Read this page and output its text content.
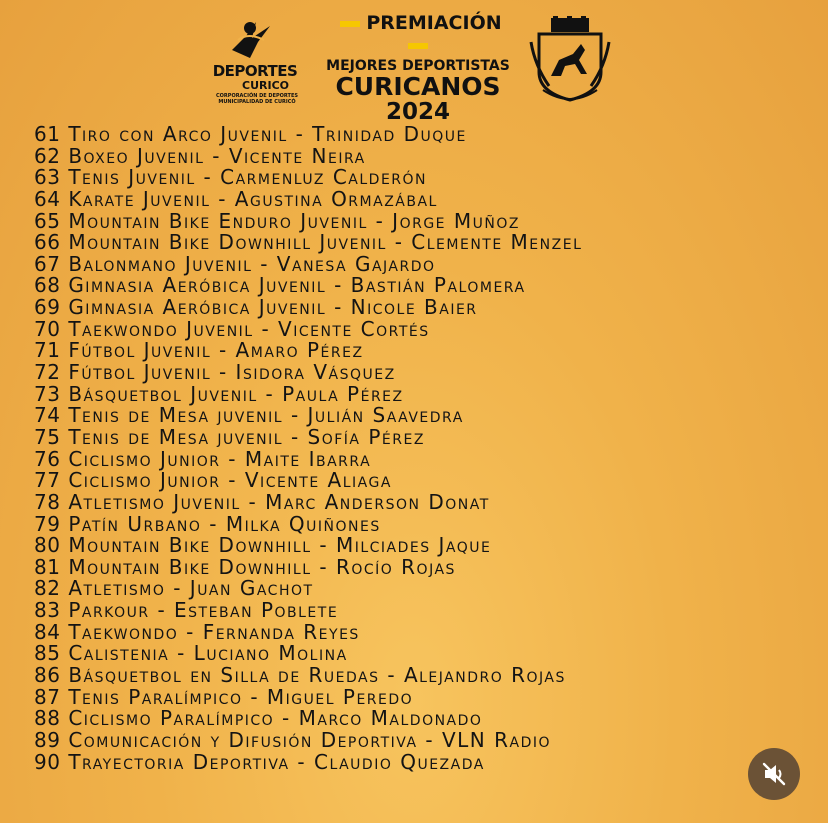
DEPORTES
CURICO
CORPORACIÓN DE DEPORTES MUNICIPALIDAD DE CURICÓ
PREMIACIÓN
MEJORES DEPORTISTAS
CURICANOS
2024
61 Tiro con Arco Juvenil - Trinidad Duque
62 Boxeo Juvenil - Vicente Neira
63 Tenis Juvenil - Carmenluz Calderón
64 Karate Juvenil - Agustina Ormazábal
65 Mountain Bike Enduro Juvenil - Jorge Muñoz
66 Mountain Bike Downhill Juvenil - Clemente Menzel
67 Balonmano Juvenil - Vanesa Gajardo
68 Gimnasia Aeróbica Juvenil - Bastián Palomera
69 Gimnasia Aeróbica Juvenil - Nicole Baier
70 Taekwondo Juvenil - Vicente Cortés
71 Fútbol Juvenil - Amaro Pérez
72 Fútbol Juvenil - Isidora Vásquez
73 Básquetbol Juvenil - Paula Pérez
74 Tenis de Mesa juvenil - Julián Saavedra
75 Tenis de Mesa juvenil - Sofía Pérez
76 Ciclismo Junior - Maite Ibarra
77 Ciclismo Junior - Vicente Aliaga
78 Atletismo Juvenil - Marc Anderson Donat
79 Patín Urbano - Milka Quiñones
80 Mountain Bike Downhill - Milciades Jaque
81 Mountain Bike Downhill - Rocío Rojas
82 Atletismo - Juan Gachot
83 Parkour - Esteban Poblete
84 Taekwondo - Fernanda Reyes
85 Calistenia - Luciano Molina
86 Básquetbol en Silla de Ruedas - Alejandro Rojas
87 Tenis Paralímpico - Miguel Peredo
88 Ciclismo Paralímpico - Marco Maldonado
89 Comunicación y Difusión Deportiva - VLN Radio
90 Trayectoria Deportiva - Claudio Quezada
